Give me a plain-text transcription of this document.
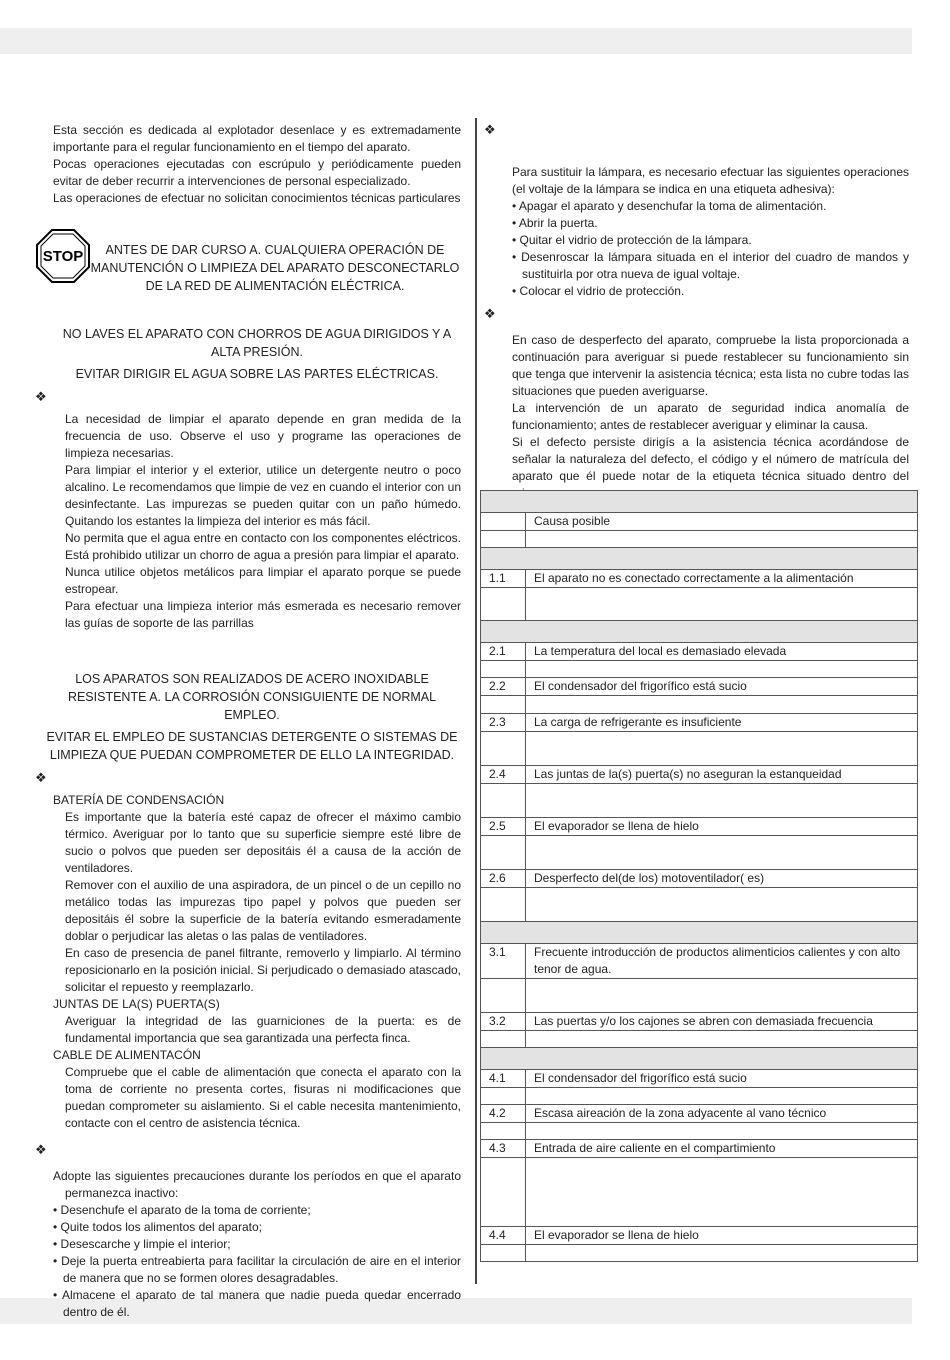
Esta sección es dedicada al explotador desenlace y es extremadamente importante para el regular funcionamiento en el tiempo del aparato.

Pocas operaciones ejecutadas con escrúpulo y periódicamente pueden evitar de deber recurrir a intervenciones de personal especializado.

Las operaciones de efectuar no solicitan conocimientos técnicas particulares

STOP	ANTES DE DAR CURSO A. CUALQUIERA OPERACIÓN DE MANUTENCIÓN O LIMPIEZA DEL APARATO DESCONECTARLO DE LA RED DE ALIMENTACIÓN ELÉCTRICA.

NO LAVES EL APARATO CON CHORROS DE AGUA DIRIGIDOS Y A ALTA PRESIÓN.

EVITAR DIRIGIR EL AGUA SOBRE LAS PARTES ELÉCTRICAS.

❖

La necesidad de limpiar el aparato depende en gran medida de la frecuencia de uso. Observe el uso y programe las operaciones de limpieza necesarias.

Para limpiar el interior y el exterior, utilice un detergente neutro o poco alcalino. Le recomendamos que limpie de vez en cuando el interior con un desinfectante. Las impurezas se pueden quitar con un paño húmedo. Quitando los estantes la limpieza del interior es más fácil.

No permita que el agua entre en contacto con los componentes eléctricos. Está prohibido utilizar un chorro de agua a presión para limpiar el aparato.

Nunca utilice objetos metálicos para limpiar el aparato porque se puede estropear.

Para efectuar una limpieza interior más esmerada es necesario remover las guías de soporte de las parrillas

LOS APARATOS SON REALIZADOS DE ACERO INOXIDABLE RESISTENTE A. LA CORROSIÓN CONSIGUIENTE DE NORMAL EMPLEO.

EVITAR EL EMPLEO DE SUSTANCIAS DETERGENTE O SISTEMAS DE LIMPIEZA QUE PUEDAN COMPROMETER DE ELLO LA INTEGRIDAD.

❖

BATERÍA DE CONDENSACIÓN

Es importante que la batería esté capaz de ofrecer el máximo cambio térmico. Averiguar por lo tanto que su superficie siempre esté libre de sucio o polvos que pueden ser depositáis él a causa de la acción de ventiladores.

Remover con el auxilio de una aspiradora, de un pincel o de un cepillo no metálico todas las impurezas tipo papel y polvos que pueden ser depositáis él sobre la superficie de la batería evitando esmeradamente doblar o perjudicar las aletas o las palas de ventiladores.

En caso de presencia de panel filtrante, removerlo y limpiarlo. Al término reposicionarlo en la posición inicial. Si perjudicado o demasiado atascado, solicitar el repuesto y reemplazarlo.

JUNTAS DE LA(S) PUERTA(S)

Averiguar la integridad de las guarniciones de la puerta: es de fundamental importancia que sea garantizada una perfecta finca.

CABLE DE ALIMENTACÓN

Compruebe que el cable de alimentación que conecta el aparato con la toma de corriente no presenta cortes, fisuras ni modificaciones que puedan comprometer su aislamiento. Si el cable necesita mantenimiento, contacte con el centro de asistencia técnica.

❖

Adopte las siguientes precauciones durante los períodos en que el aparato permanezca inactivo:

• Desenchufe el aparato de la toma de corriente;

• Quite todos los alimentos del aparato;

• Desescarche y limpie el interior;

• Deje la puerta entreabierta para facilitar la circulación de aire en el interior de manera que no se formen olores desagradables.

• Almacene el aparato de tal manera que nadie pueda quedar encerrado dentro de él.

❖

Para sustituir la lámpara, es necesario efectuar las siguientes operaciones (el voltaje de la lámpara se indica en una etiqueta adhesiva):

• Apagar el aparato y desenchufar la toma de alimentación.

• Abrir la puerta.

• Quitar el vidrio de protección de la lámpara.

• Desenroscar la lámpara situada en el interior del cuadro de mandos y sustituirla por otra nueva de igual voltaje.

• Colocar el vidrio de protección.

❖

En caso de desperfecto del aparato, compruebe la lista proporcionada a continuación para averiguar si puede restablecer su funcionamiento sin que tenga que intervenir la asistencia técnica; esta lista no cubre todas las situaciones que pueden averiguarse.

La intervención de un aparato de seguridad indica anomalía de funcionamiento; antes de restablecer averiguar y eliminar la causa.

Si el defecto persiste dirigís a la asistencia técnica acordándose de señalar la naturaleza del defecto, el código y el número de matrícula del aparato que él puede notar de la etiqueta técnica situado dentro del

	Causa posible

1.1	El aparato no es conectado correctamente a la alimentación

2.1	La temperatura del local es demasiado elevada

2.2	El condensador del frigorífico está sucio

2.3	La carga de refrigerante es insuficiente

2.4	Las juntas de la(s) puerta(s) no aseguran la estanqueidad

2.5	El evaporador se llena de hielo

2.6	Desperfecto del(de los) motoventilador( es)

3.1	Frecuente introducción de productos alimenticios calientes y con alto tenor de agua.

3.2	Las puertas y/o los cajones se abren con demasiada frecuencia

4.1	El condensador del frigorífico está sucio

4.2	Escasa aireación de la zona adyacente al vano técnico

4.3	Entrada de aire caliente en el compartimiento

4.4	El evaporador se llena de hielo
